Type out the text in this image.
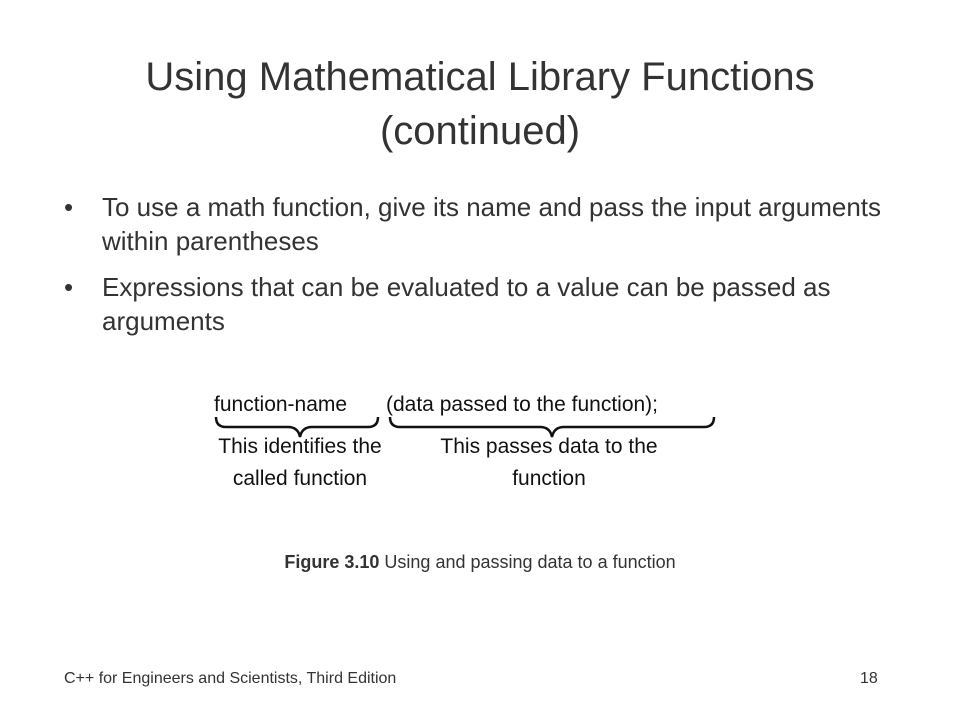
Using Mathematical Library Functions (continued)
• To use a math function, give its name and pass the input arguments within parentheses
• Expressions that can be evaluated to a value can be passed as arguments
function-name (data passed to the function);
This identifies the called function
This passes data to the function
Figure 3.10 Using and passing data to a function
C++ for Engineers and Scientists, Third Edition	18
